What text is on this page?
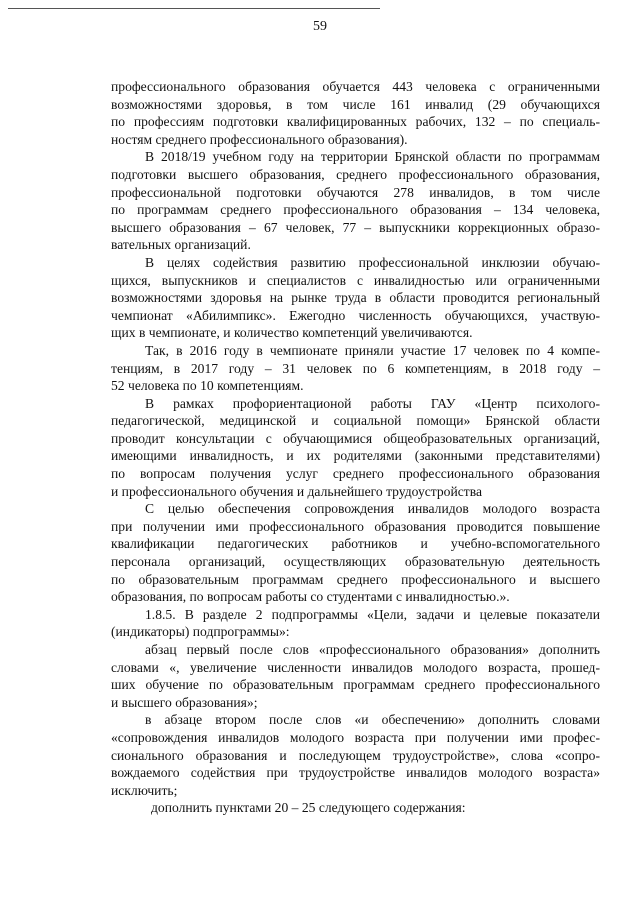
59
профессионального образования обучается 443 человека с ограниченными
возможностями здоровья, в том числе 161 инвалид (29 обучающихся
по профессиям подготовки квалифицированных рабочих, 132 – по специаль-
ностям среднего профессионального образования).
В 2018/19 учебном году на территории Брянской области по программам
подготовки высшего образования, среднего профессионального образования,
профессиональной подготовки обучаются 278 инвалидов, в том числе
по программам среднего профессионального образования – 134 человека,
высшего образования – 67 человек, 77 – выпускники коррекционных образо-
вательных организаций.
В целях содействия развитию профессиональной инклюзии обучаю-
щихся, выпускников и специалистов с инвалидностью или ограниченными
возможностями здоровья на рынке труда в области проводится региональный
чемпионат «Абилимпикс». Ежегодно численность обучающихся, участвую-
щих в чемпионате, и количество компетенций увеличиваются.
Так, в 2016 году в чемпионате приняли участие 17 человек по 4 компе-
тенциям, в 2017 году – 31 человек по 6 компетенциям, в 2018 году –
52 человека по 10 компетенциям.
В рамках профориентационой работы ГАУ «Центр психолого-
педагогической, медицинской и социальной помощи» Брянской области
проводит консультации с обучающимися общеобразовательных организаций,
имеющими инвалидность, и их родителями (законными представителями)
по вопросам получения услуг среднего профессионального образования
и профессионального обучения и дальнейшего трудоустройства
С целью обеспечения сопровождения инвалидов молодого возраста
при получении ими профессионального образования проводится повышение
квалификации педагогических работников и учебно-вспомогательного
персонала организаций, осуществляющих образовательную деятельность
по образовательным программам среднего профессионального и высшего
образования, по вопросам работы со студентами с инвалидностью.».
1.8.5. В разделе 2 подпрограммы «Цели, задачи и целевые показатели
(индикаторы) подпрограммы»:
абзац первый после слов «профессионального образования» дополнить
словами «, увеличение численности инвалидов молодого возраста, прошед-
ших обучение по образовательным программам среднего профессионального
и высшего образования»;
в абзаце втором после слов «и обеспечению» дополнить словами
«сопровождения инвалидов молодого возраста при получении ими профес-
сионального образования и последующем трудоустройстве», слова «сопро-
вождаемого содействия при трудоустройстве инвалидов молодого возраста»
исключить;
дополнить пунктами 20 – 25 следующего содержания:
